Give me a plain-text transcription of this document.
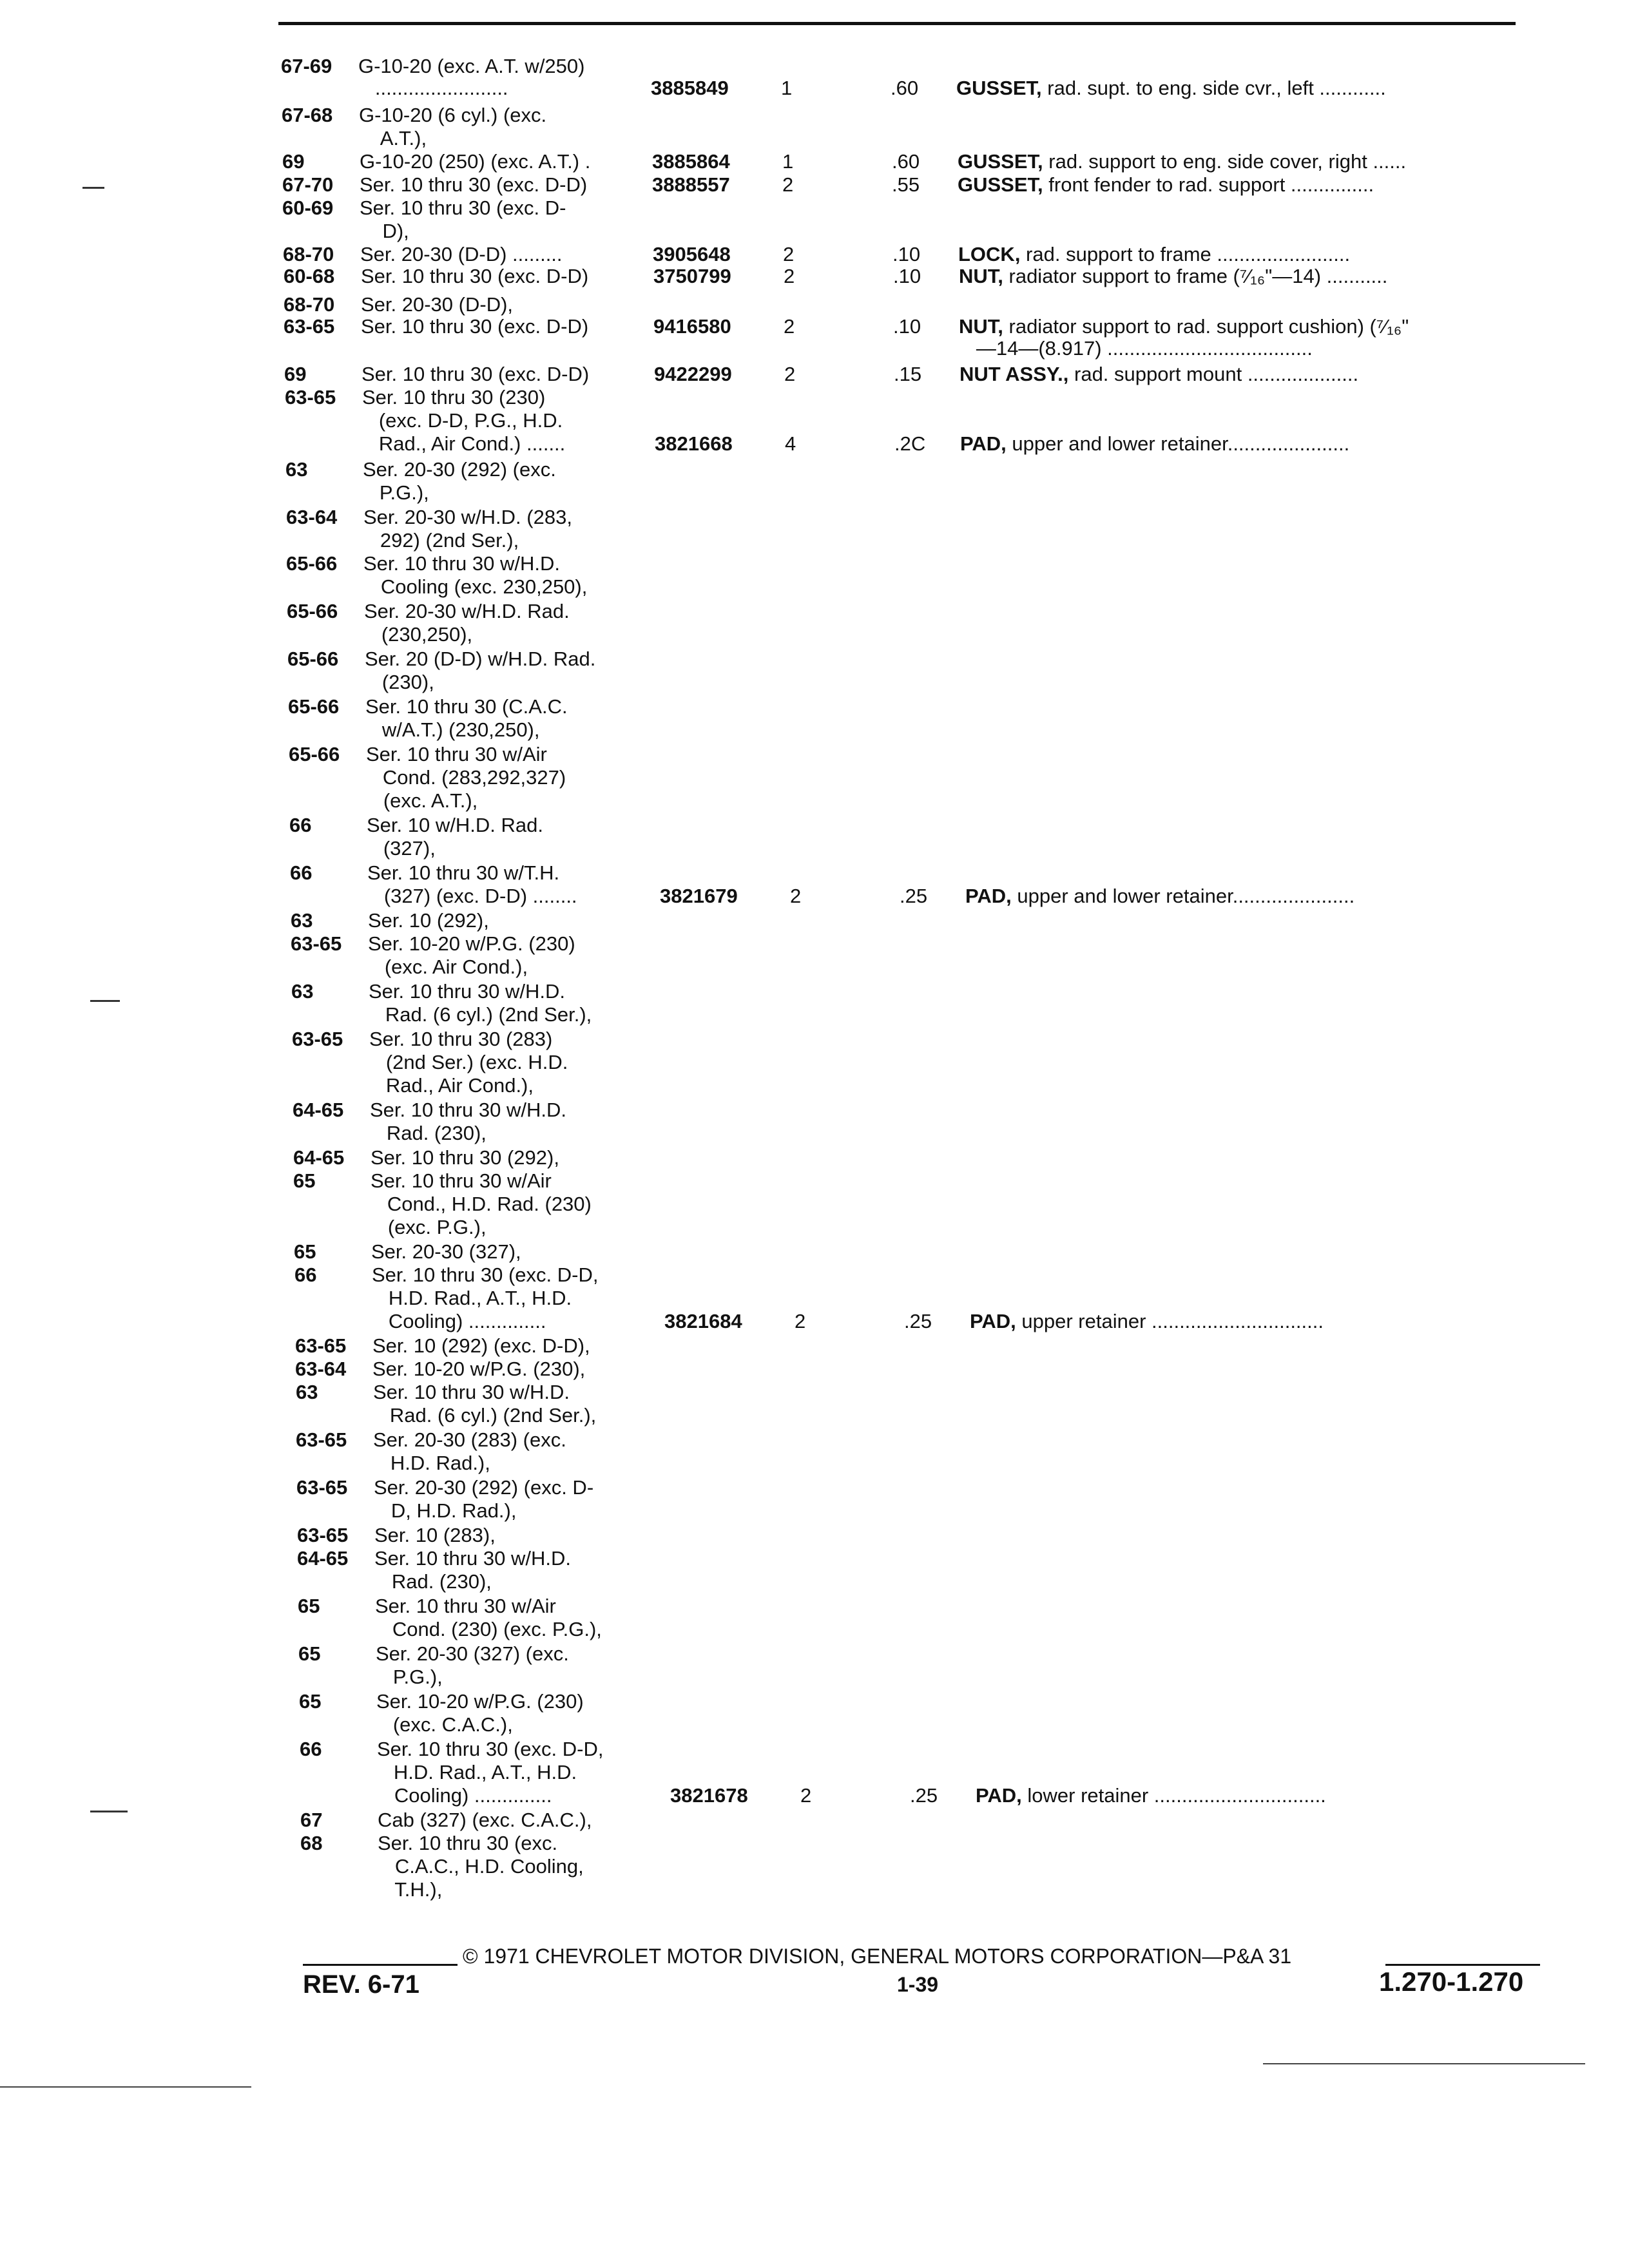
67-69	G-10-20 (exc. A.T. w/250)
........................	3885849	1	.60	GUSSET, rad. supt. to eng. side cvr., left ............
67-68	G-10-20 (6 cyl.) (exc.
A.T.),
69	G-10-20 (250) (exc. A.T.) .	3885864	1	.60	GUSSET, rad. support to eng. side cover, right ......
67-70	Ser. 10 thru 30 (exc. D-D)	3888557	2	.55	GUSSET, front fender to rad. support ...............
60-69	Ser. 10 thru 30 (exc. D-
D),
68-70	Ser. 20-30 (D-D) .........	3905648	2	.10	LOCK, rad. support to frame ........................
60-68	Ser. 10 thru 30 (exc. D-D)	3750799	2	.10	NUT, radiator support to frame (⁷⁄₁₆"—14) ...........
68-70	Ser. 20-30 (D-D),
63-65	Ser. 10 thru 30 (exc. D-D)	9416580	2	.10	NUT, radiator support to rad. support cushion) (⁷⁄₁₆"
—14—(8.917) .....................................
69	Ser. 10 thru 30 (exc. D-D)	9422299	2	.15	NUT ASSY., rad. support mount ....................
63-65	Ser. 10 thru 30 (230)
(exc. D-D, P.G., H.D.
Rad., Air Cond.) .......	3821668	4	.2C	PAD, upper and lower retainer......................
63	Ser. 20-30 (292) (exc.
P.G.),
63-64	Ser. 20-30 w/H.D. (283,
292) (2nd Ser.),
65-66	Ser. 10 thru 30 w/H.D.
Cooling (exc. 230,250),
65-66	Ser. 20-30 w/H.D. Rad.
(230,250),
65-66	Ser. 20 (D-D) w/H.D. Rad.
(230),
65-66	Ser. 10 thru 30 (C.A.C.
w/A.T.) (230,250),
65-66	Ser. 10 thru 30 w/Air
Cond. (283,292,327)
(exc. A.T.),
66	Ser. 10 w/H.D. Rad.
(327),
66	Ser. 10 thru 30 w/T.H.
(327) (exc. D-D) ........	3821679	2	.25	PAD, upper and lower retainer......................
63	Ser. 10 (292),
63-65	Ser. 10-20 w/P.G. (230)
(exc. Air Cond.),
63	Ser. 10 thru 30 w/H.D.
Rad. (6 cyl.) (2nd Ser.),
63-65	Ser. 10 thru 30 (283)
(2nd Ser.) (exc. H.D.
Rad., Air Cond.),
64-65	Ser. 10 thru 30 w/H.D.
Rad. (230),
64-65	Ser. 10 thru 30 (292),
65	Ser. 10 thru 30 w/Air
Cond., H.D. Rad. (230)
(exc. P.G.),
65	Ser. 20-30 (327),
66	Ser. 10 thru 30 (exc. D-D,
H.D. Rad., A.T., H.D.
Cooling) ..............	3821684	2	.25	PAD, upper retainer ...............................
63-65	Ser. 10 (292) (exc. D-D),
63-64	Ser. 10-20 w/P.G. (230),
63	Ser. 10 thru 30 w/H.D.
Rad. (6 cyl.) (2nd Ser.),
63-65	Ser. 20-30 (283) (exc.
H.D. Rad.),
63-65	Ser. 20-30 (292) (exc. D-
D, H.D. Rad.),
63-65	Ser. 10 (283),
64-65	Ser. 10 thru 30 w/H.D.
Rad. (230),
65	Ser. 10 thru 30 w/Air
Cond. (230) (exc. P.G.),
65	Ser. 20-30 (327) (exc.
P.G.),
65	Ser. 10-20 w/P.G. (230)
(exc. C.A.C.),
66	Ser. 10 thru 30 (exc. D-D,
H.D. Rad., A.T., H.D.
Cooling) ..............	3821678	2	.25	PAD, lower retainer ...............................
67	Cab (327) (exc. C.A.C.),
68	Ser. 10 thru 30 (exc.
C.A.C., H.D. Cooling,
T.H.),
© 1971 CHEVROLET MOTOR DIVISION, GENERAL MOTORS CORPORATION—P&A 31
REV. 6-71	1-39	1.270-1.270
